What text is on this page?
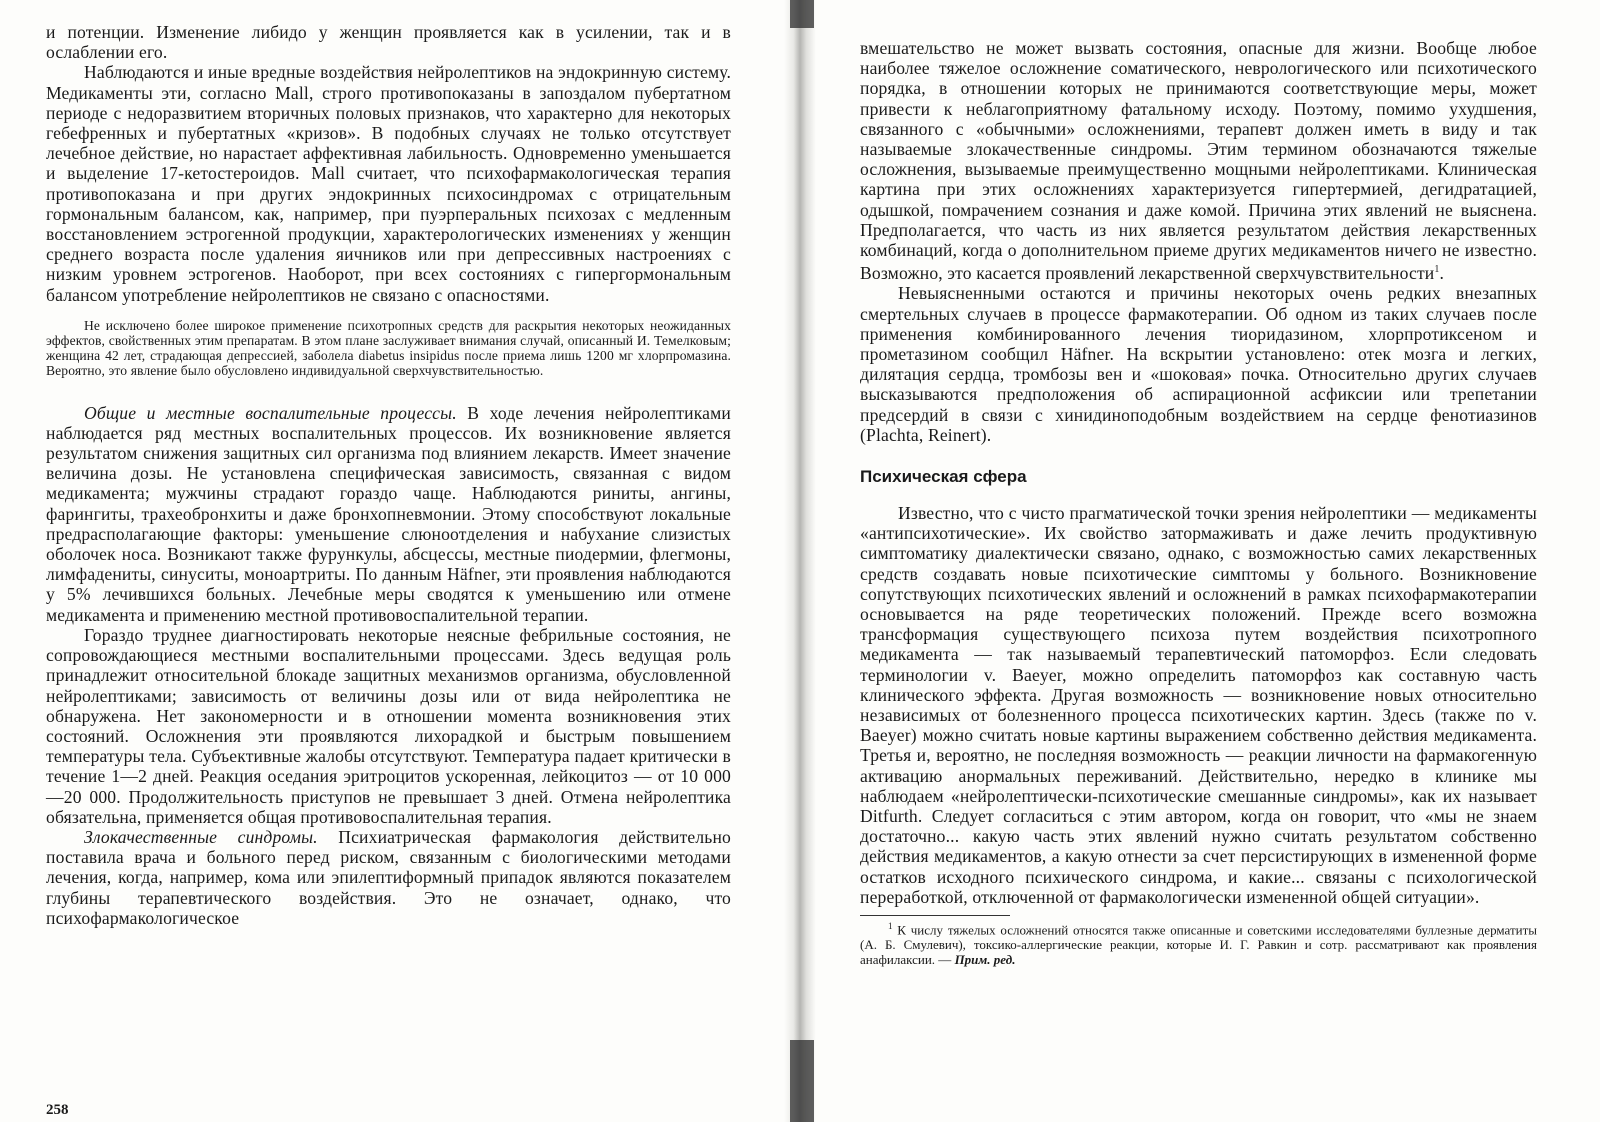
и потенции. Изменение либидо у женщин проявляется как в усилении, так и в ослаблении его.

Наблюдаются и иные вредные воздействия нейролептиков на эндокринную систему. Медикаменты эти, согласно Mall, строго противопоказаны в запоздалом пубертатном периоде с недоразвитием вторичных половых признаков, что характерно для некоторых гебефренных и пубертатных «кризов». В подобных случаях не только отсутствует лечебное действие, но нарастает аффективная лабильность. Одновременно уменьшается и выделение 17-кетостероидов. Mall считает, что психофармакологическая терапия противопоказана и при других эндокринных психосиндромах с отрицательным гормональным балансом, как, например, при пуэрперальных психозах с медленным восстановлением эстрогенной продукции, характерологических изменениях у женщин среднего возраста после удаления яичников или при депрессивных настроениях с низким уровнем эстрогенов. Наоборот, при всех состояниях с гипергормональным балансом употребление нейролептиков не связано с опасностями.

Не исключено более широкое применение психотропных средств для раскрытия некоторых неожиданных эффектов, свойственных этим препаратам. В этом плане заслуживает внимания случай, описанный И. Темелковым; женщина 42 лет, страдающая депрессией, заболела diabetus insipidus после приема лишь 1200 мг хлорпромазина. Вероятно, это явление было обусловлено индивидуальной сверхчувствительностью.

Общие и местные воспалительные процессы. В ходе лечения нейролептиками наблюдается ряд местных воспалительных процессов. Их возникновение является результатом снижения защитных сил организма под влиянием лекарств. Имеет значение величина дозы. Не установлена специфическая зависимость, связанная с видом медикамента; мужчины страдают гораздо чаще. Наблюдаются риниты, ангины, фарингиты, трахеобронхиты и даже бронхопневмонии. Этому способствуют локальные предрасполагающие факторы: уменьшение слюноотделения и набухание слизистых оболочек носа. Возникают также фурункулы, абсцессы, местные пиодермии, флегмоны, лимфадениты, синуситы, моноартриты. По данным Häfner, эти проявления наблюдаются у 5% лечившихся больных. Лечебные меры сводятся к уменьшению или отмене медикамента и применению местной противовоспалительной терапии.

Гораздо труднее диагностировать некоторые неясные фебрильные состояния, не сопровождающиеся местными воспалительными процессами. Здесь ведущая роль принадлежит относительной блокаде защитных механизмов организма, обусловленной нейролептиками; зависимость от величины дозы или от вида нейролептика не обнаружена. Нет закономерности и в отношении момента возникновения этих состояний. Осложнения эти проявляются лихорадкой и быстрым повышением температуры тела. Субъективные жалобы отсутствуют. Температура падает критически в течение 1—2 дней. Реакция оседания эритроцитов ускоренная, лейкоцитоз — от 10 000—20 000. Продолжительность приступов не превышает 3 дней. Отмена нейролептика обязательна, применяется общая противовоспалительная терапия.

Злокачественные синдромы. Психиатрическая фармакология действительно поставила врача и больного перед риском, связанным с биологическими методами лечения, когда, например, кома или эпилептиформный припадок являются показателем глубины терапевтического воздействия. Это не означает, однако, что психофармакологическое

258

вмешательство не может вызвать состояния, опасные для жизни. Вообще любое наиболее тяжелое осложнение соматического, неврологического или психотического порядка, в отношении которых не принимаются соответствующие меры, может привести к неблагоприятному фатальному исходу. Поэтому, помимо ухудшения, связанного с «обычными» осложнениями, терапевт должен иметь в виду и так называемые злокачественные синдромы. Этим термином обозначаются тяжелые осложнения, вызываемые преимущественно мощными нейролептиками. Клиническая картина при этих осложнениях характеризуется гипертермией, дегидратацией, одышкой, помрачением сознания и даже комой. Причина этих явлений не выяснена. Предполагается, что часть из них является результатом действия лекарственных комбинаций, когда о дополнительном приеме других медикаментов ничего не известно. Возможно, это касается проявлений лекарственной сверхчувствительности$^1$.

Невыясненными остаются и причины некоторых очень редких внезапных смертельных случаев в процессе фармакотерапии. Об одном из таких случаев после применения комбинированного лечения тиоридазином, хлорпротиксеном и прометазином сообщил Häfner. На вскрытии установлено: отек мозга и легких, дилятация сердца, тромбозы вен и «шоковая» почка. Относительно других случаев высказываются предположения об аспирационной асфиксии или трепетании предсердий в связи с хинидиноподобным воздействием на сердце фенотиазинов (Plachta, Reinert).

Психическая сфера

Известно, что с чисто прагматической точки зрения нейролептики — медикаменты «антипсихотические». Их свойство затормаживать и даже лечить продуктивную симптоматику диалектически связано, однако, с возможностью самих лекарственных средств создавать новые психотические симптомы у больного. Возникновение сопутствующих психотических явлений и осложнений в рамках психофармакотерапии основывается на ряде теоретических положений. Прежде всего возможна трансформация существующего психоза путем воздействия психотропного медикамента — так называемый терапевтический патоморфоз. Если следовать терминологии v. Baeyer, можно определить патоморфоз как составную часть клинического эффекта. Другая возможность — возникновение новых относительно независимых от болезненного процесса психотических картин. Здесь (также по v. Baeyer) можно считать новые картины выражением собственно действия медикамента. Третья и, вероятно, не последняя возможность — реакции личности на фармакогенную активацию анормальных переживаний. Действительно, нередко в клинике мы наблюдаем «нейролептически-психотические смешанные синдромы», как их называет Ditfurth. Следует согласиться с этим автором, когда он говорит, что «мы не знаем достаточно... какую часть этих явлений нужно считать результатом собственно действия медикаментов, а какую отнести за счет персистирующих в измененной форме остатков исходного психического синдрома, и какие... связаны с психологической переработкой, отключенной от фармакологически измененной общей ситуации».

$^1$ К числу тяжелых осложнений относятся также описанные и советскими исследователями буллезные дерматиты (А. Б. Смулевич), токсико-аллергические реакции, которые И. Г. Равкин и сотр. рассматривают как проявления анафилаксии. — Прим. ред.
